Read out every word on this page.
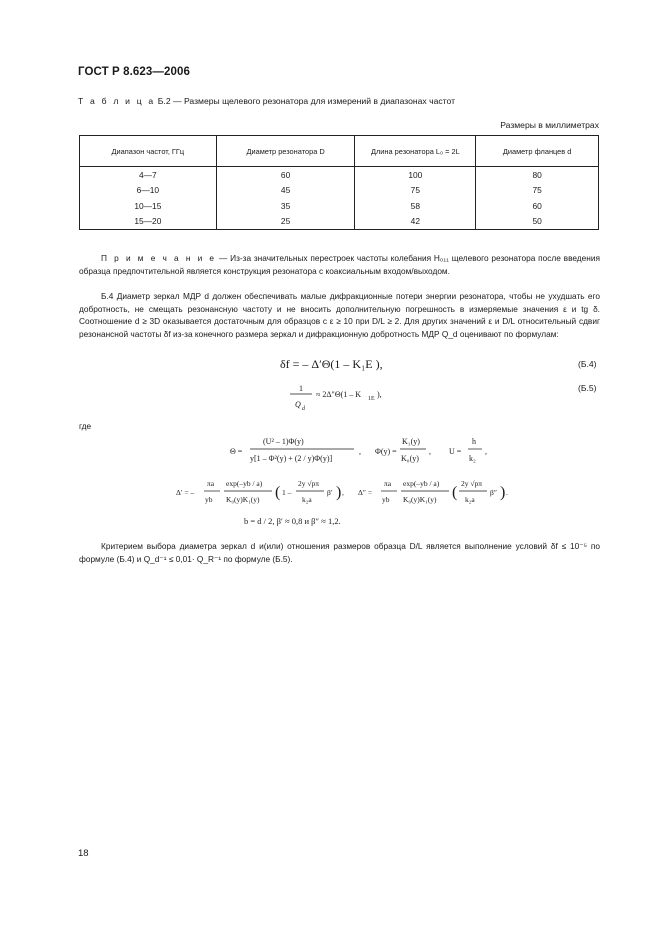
ГОСТ Р 8.623—2006
Т а б л и ц а Б.2 — Размеры щелевого резонатора для измерений в диапазонах частот
Размеры в миллиметрах
Диапазон частот, ГГц	Диаметр резонатора D	Длина резонатора L₀ = 2L	Диаметр фланцев d
4—7	60	100	80
6—10	45	75	75
10—15	35	58	60
15—20	25	42	50
П р и м е ч а н и е — Из-за значительных перестроек частоты колебания H₀₁₁ щелевого резонатора после введения образца предпочтительной является конструкция резонатора с коаксиальным входом/выходом.
Б.4 Диаметр зеркал МДР d должен обеспечивать малые дифракционные потери энергии резонатора, чтобы не ухудшать его добротность, не смещать резонансную частоту и не вносить дополнительную погрешность в измеряемые значения ε и tg δ. Соотношение d ≥ 3D оказывается достаточным для образцов с ε ≥ 10 при D/L ≥ 2. Для других значений ε и D/L относительный сдвиг резонансной частоты δf из-за конечного размера зеркал и дифракционную добротность МДР Q_d оценивают по формулам:
δf = – Δ′Θ(1 – K₁E ),	(Б.4)
1
Q d
≈ 2Δ″Θ(1 – K 1E ),
(Б.5)
где
Θ =
(U² – 1)Φ(y)
y[1 – Φ²(y) + (2 / y)Φ(y)]
, Φ(y) =
K₁(y)
K₀(y)
, U =
h
k₂
,
Δ′ = –
πa
yb
exp(–yb / a)
K₀(y)K₁(y) ( 1 –
2y √pπ
k₂a
β′ ) , Δ″ =
πa
yb
exp(–yb / a)
K₀(y)K₁(y) (
2y √pπ
k₂a
β″ ) .
b = d / 2, β′ ≈ 0,8 и β″ ≈ 1,2.
Критерием выбора диаметра зеркал d и(или) отношения размеров образца D/L является выполнение условий δf ≤ 10⁻⁵ по формуле (Б.4) и Q_d⁻¹ ≤ 0,01· Q_R⁻¹ по формуле (Б.5).
18
